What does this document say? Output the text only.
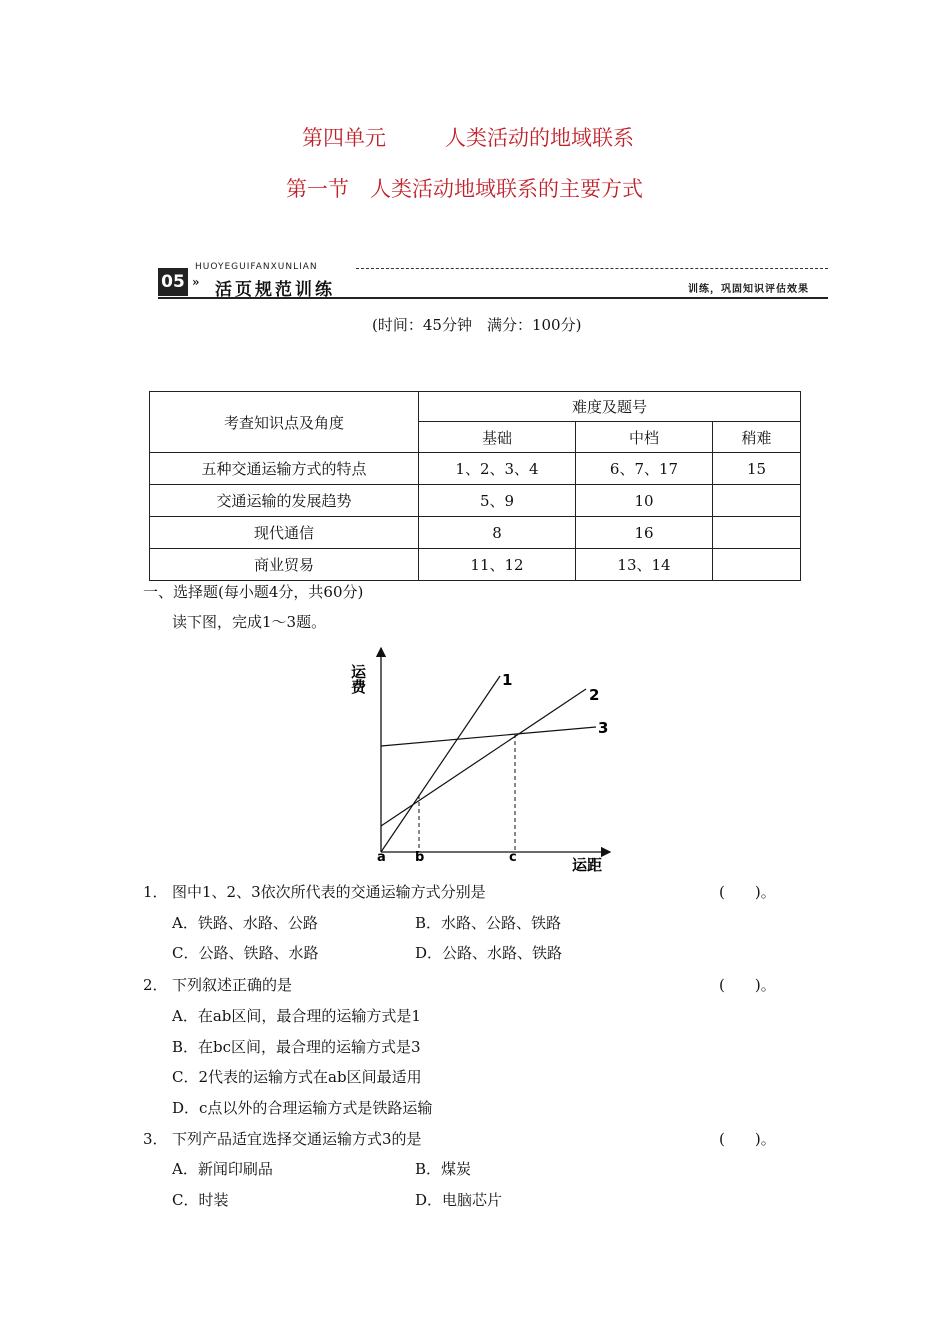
第四单元	人类活动的地域联系
第一节　人类活动地域联系的主要方式
05 »
HUOYEGUIFANXUNLIAN
活页规范训练	训练，巩固知识评估效果
(时间：45分钟　满分：100分)
考查知识点及角度	难度及题号		
	基础	中档	稍难
五种交通运输方式的特点	1、2、3、4	6、7、17	15
交通运输的发展趋势	5、9	10	
现代通信	8	16	
商业贸易	11、12	13、14	
一、选择题(每小题4分，共60分)
读下图，完成1～3题。
运费
运距
a b	c
1
2
3
1． 图中1、2、3依次所代表的交通运输方式分别是	(　　)。
A．铁路、水路、公路	B．水路、公路、铁路
C．公路、铁路、水路	D．公路、水路、铁路
2． 下列叙述正确的是	(　　)。
A．在ab区间，最合理的运输方式是1
B．在bc区间，最合理的运输方式是3
C．2代表的运输方式在ab区间最适用
D．c点以外的合理运输方式是铁路运输
3． 下列产品适宜选择交通运输方式3的是	(　　)。
A．新闻印刷品	B．煤炭
C．时装	D．电脑芯片
